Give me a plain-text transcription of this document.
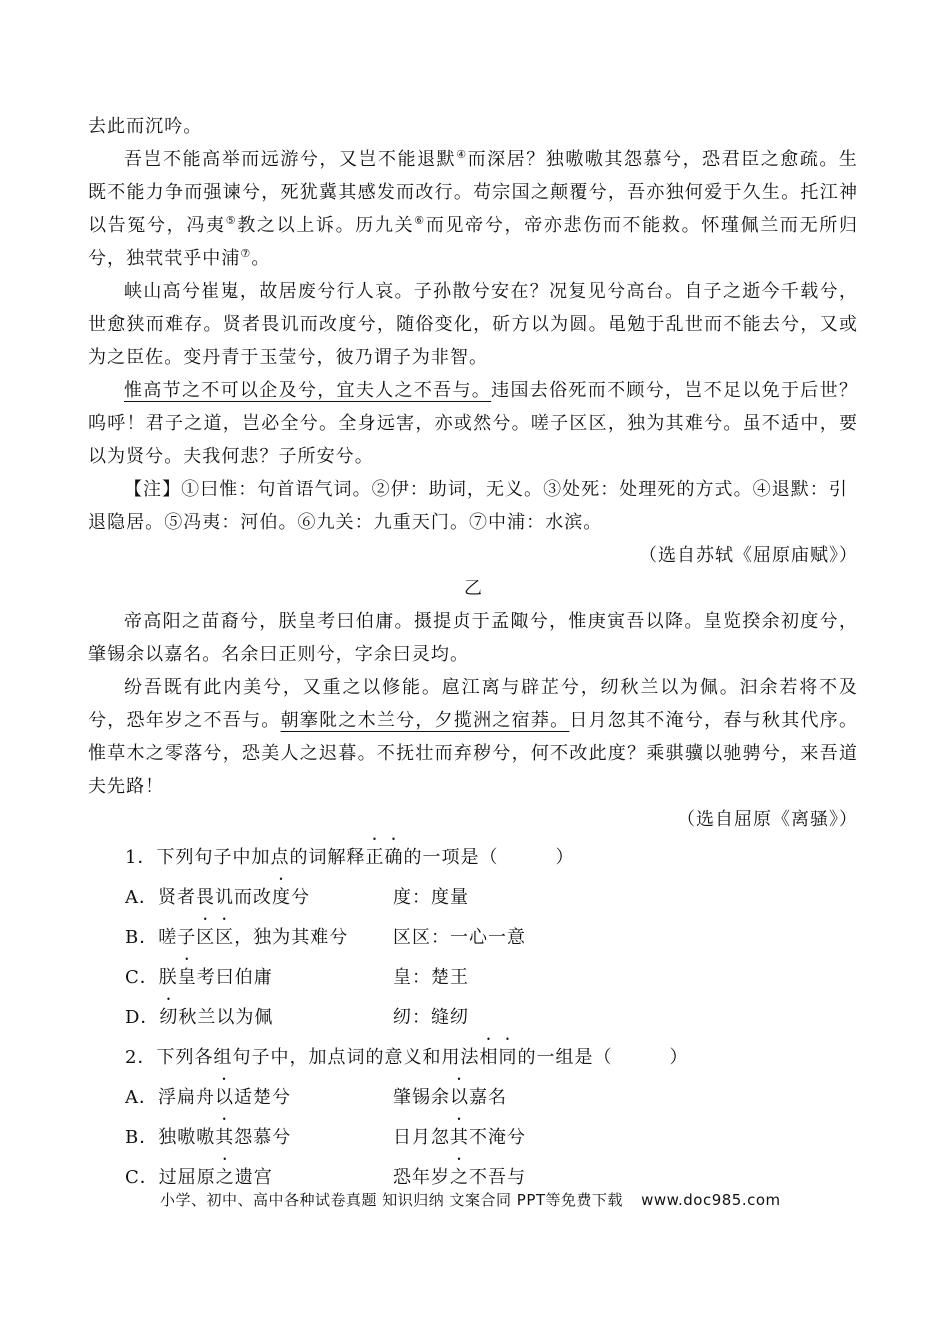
去此而沉吟。
吾岂不能高举而远游兮，又岂不能退默④而深居？独嗷嗷其怨慕兮，恐君臣之愈疏。生既不能力争而强谏兮，死犹冀其感发而改行。苟宗国之颠覆兮，吾亦独何爱于久生。托江神以告冤兮，冯夷⑤教之以上诉。历九关⑥而见帝兮，帝亦悲伤而不能救。怀瑾佩兰而无所归兮，独茕茕乎中浦⑦。
峡山高兮崔嵬，故居废兮行人哀。子孙散兮安在？况复见兮高台。自子之逝今千载兮，世愈狭而难存。贤者畏讥而改度兮，随俗变化，斫方以为圆。黾勉于乱世而不能去兮，又或为之臣佐。变丹青于玉莹兮，彼乃谓子为非智。
惟高节之不可以企及兮，宜夫人之不吾与。违国去俗死而不顾兮，岂不足以免于后世？呜呼！君子之道，岂必全兮。全身远害，亦或然兮。嗟子区区，独为其难兮。虽不适中，要以为贤兮。夫我何悲？子所安兮。
【注】①曰惟：句首语气词。②伊：助词，无义。③处死：处理死的方式。④退默：引
退隐居。⑤冯夷：河伯。⑥九关：九重天门。⑦中浦：水滨。
（选自苏轼《屈原庙赋》）
乙
帝高阳之苗裔兮，朕皇考曰伯庸。摄提贞于孟陬兮，惟庚寅吾以降。皇览揆余初度兮，肇锡余以嘉名。名余曰正则兮，字余曰灵均。
纷吾既有此内美兮，又重之以修能。扈江离与辟芷兮，纫秋兰以为佩。汩余若将不及兮，恐年岁之不吾与。朝搴阰之木兰兮，夕揽洲之宿莽。日月忽其不淹兮，春与秋其代序。惟草木之零落兮，恐美人之迟暮。不抚壮而弃秽兮，何不改此度？乘骐骥以驰骋兮，来吾道夫先路！
（选自屈原《离骚》）
1．下列句子中加点的词解释正确的一项是（　　　	）
A．贤者畏讥而改度兮	度：度量
B．嗟子区区，独为其难兮	区区：一心一意
C．朕皇考曰伯庸	皇：楚王
D．纫秋兰以为佩	纫：缝纫
2．下列各组句子中，加点词的意义和用法相同的一组是（　　　	）
A．浮扁舟以适楚兮	肇锡余以嘉名
B．独嗷嗷其怨慕兮	日月忽其不淹兮
C．过屈原之遗宫	恐年岁之不吾与
小学、初中、高中各种试卷真题 知识归纳 文案合同 PPT等免费下载 www.doc985.com
